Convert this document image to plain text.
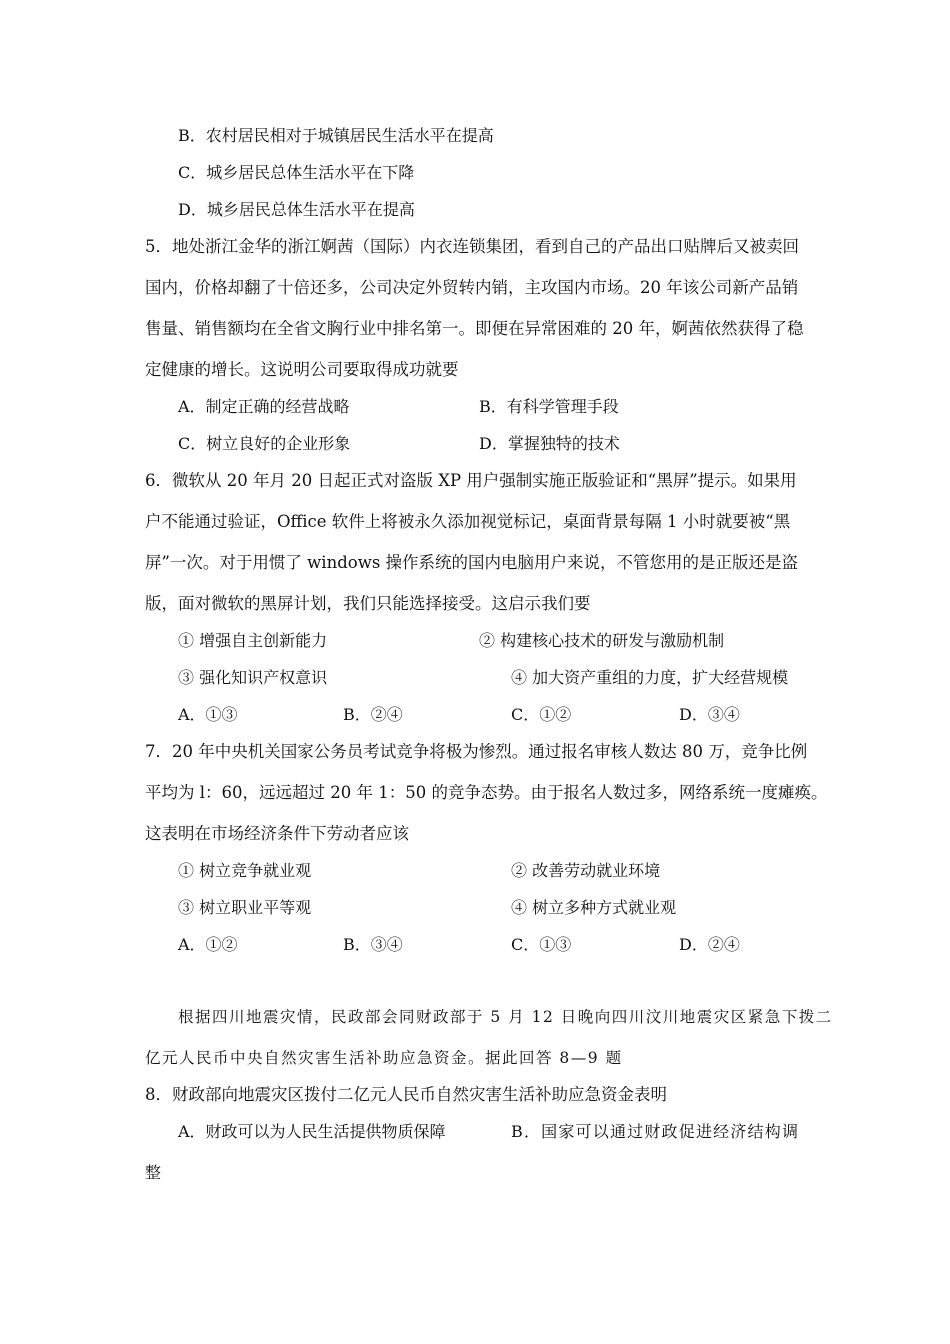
B．农村居民相对于城镇居民生活水平在提高
C．城乡居民总体生活水平在下降
D．城乡居民总体生活水平在提高
5．地处浙江金华的浙江婀茜（国际）内衣连锁集团，看到自己的产品出口贴牌后又被卖回
国内，价格却翻了十倍还多，公司决定外贸转内销，主攻国内市场。20 年该公司新产品销
售量、销售额均在全省文胸行业中排名第一。即便在异常困难的 20 年，婀茜依然获得了稳
定健康的增长。这说明公司要取得成功就要
A．制定正确的经营战略	B．有科学管理手段
C．树立良好的企业形象	D．掌握独特的技术
6．微软从 20 年月 20 日起正式对盗版 XP 用户强制实施正版验证和“黑屏”提示。如果用
户不能通过验证，Office 软件上将被永久添加视觉标记，桌面背景每隔 1 小时就要被“黑
屏”一次。对于用惯了 windows 操作系统的国内电脑用户来说，不管您用的是正版还是盗
版，面对微软的黑屏计划，我们只能选择接受。这启示我们要
① 增强自主创新能力	② 构建核心技术的研发与激励机制
③ 强化知识产权意识	④ 加大资产重组的力度，扩大经营规模
A．①③	B．②④	C．①②	D．③④
7．20 年中央机关国家公务员考试竞争将极为惨烈。通过报名审核人数达 80 万，竞争比例
平均为 l：60，远远超过 20 年 1：50 的竞争态势。由于报名人数过多，网络系统一度瘫痪。
这表明在市场经济条件下劳动者应该
① 树立竞争就业观	② 改善劳动就业环境
③ 树立职业平等观	④ 树立多种方式就业观
A．①②	B．③④	C．①③	D．②④
根据四川地震灾情，民政部会同财政部于 5 月 12 日晚向四川汶川地震灾区紧急下拨二
亿元人民币中央自然灾害生活补助应急资金。据此回答 8—9 题
8．财政部向地震灾区拨付二亿元人民币自然灾害生活补助应急资金表明
A．财政可以为人民生活提供物质保障	B．国家可以通过财政促进经济结构调
整
